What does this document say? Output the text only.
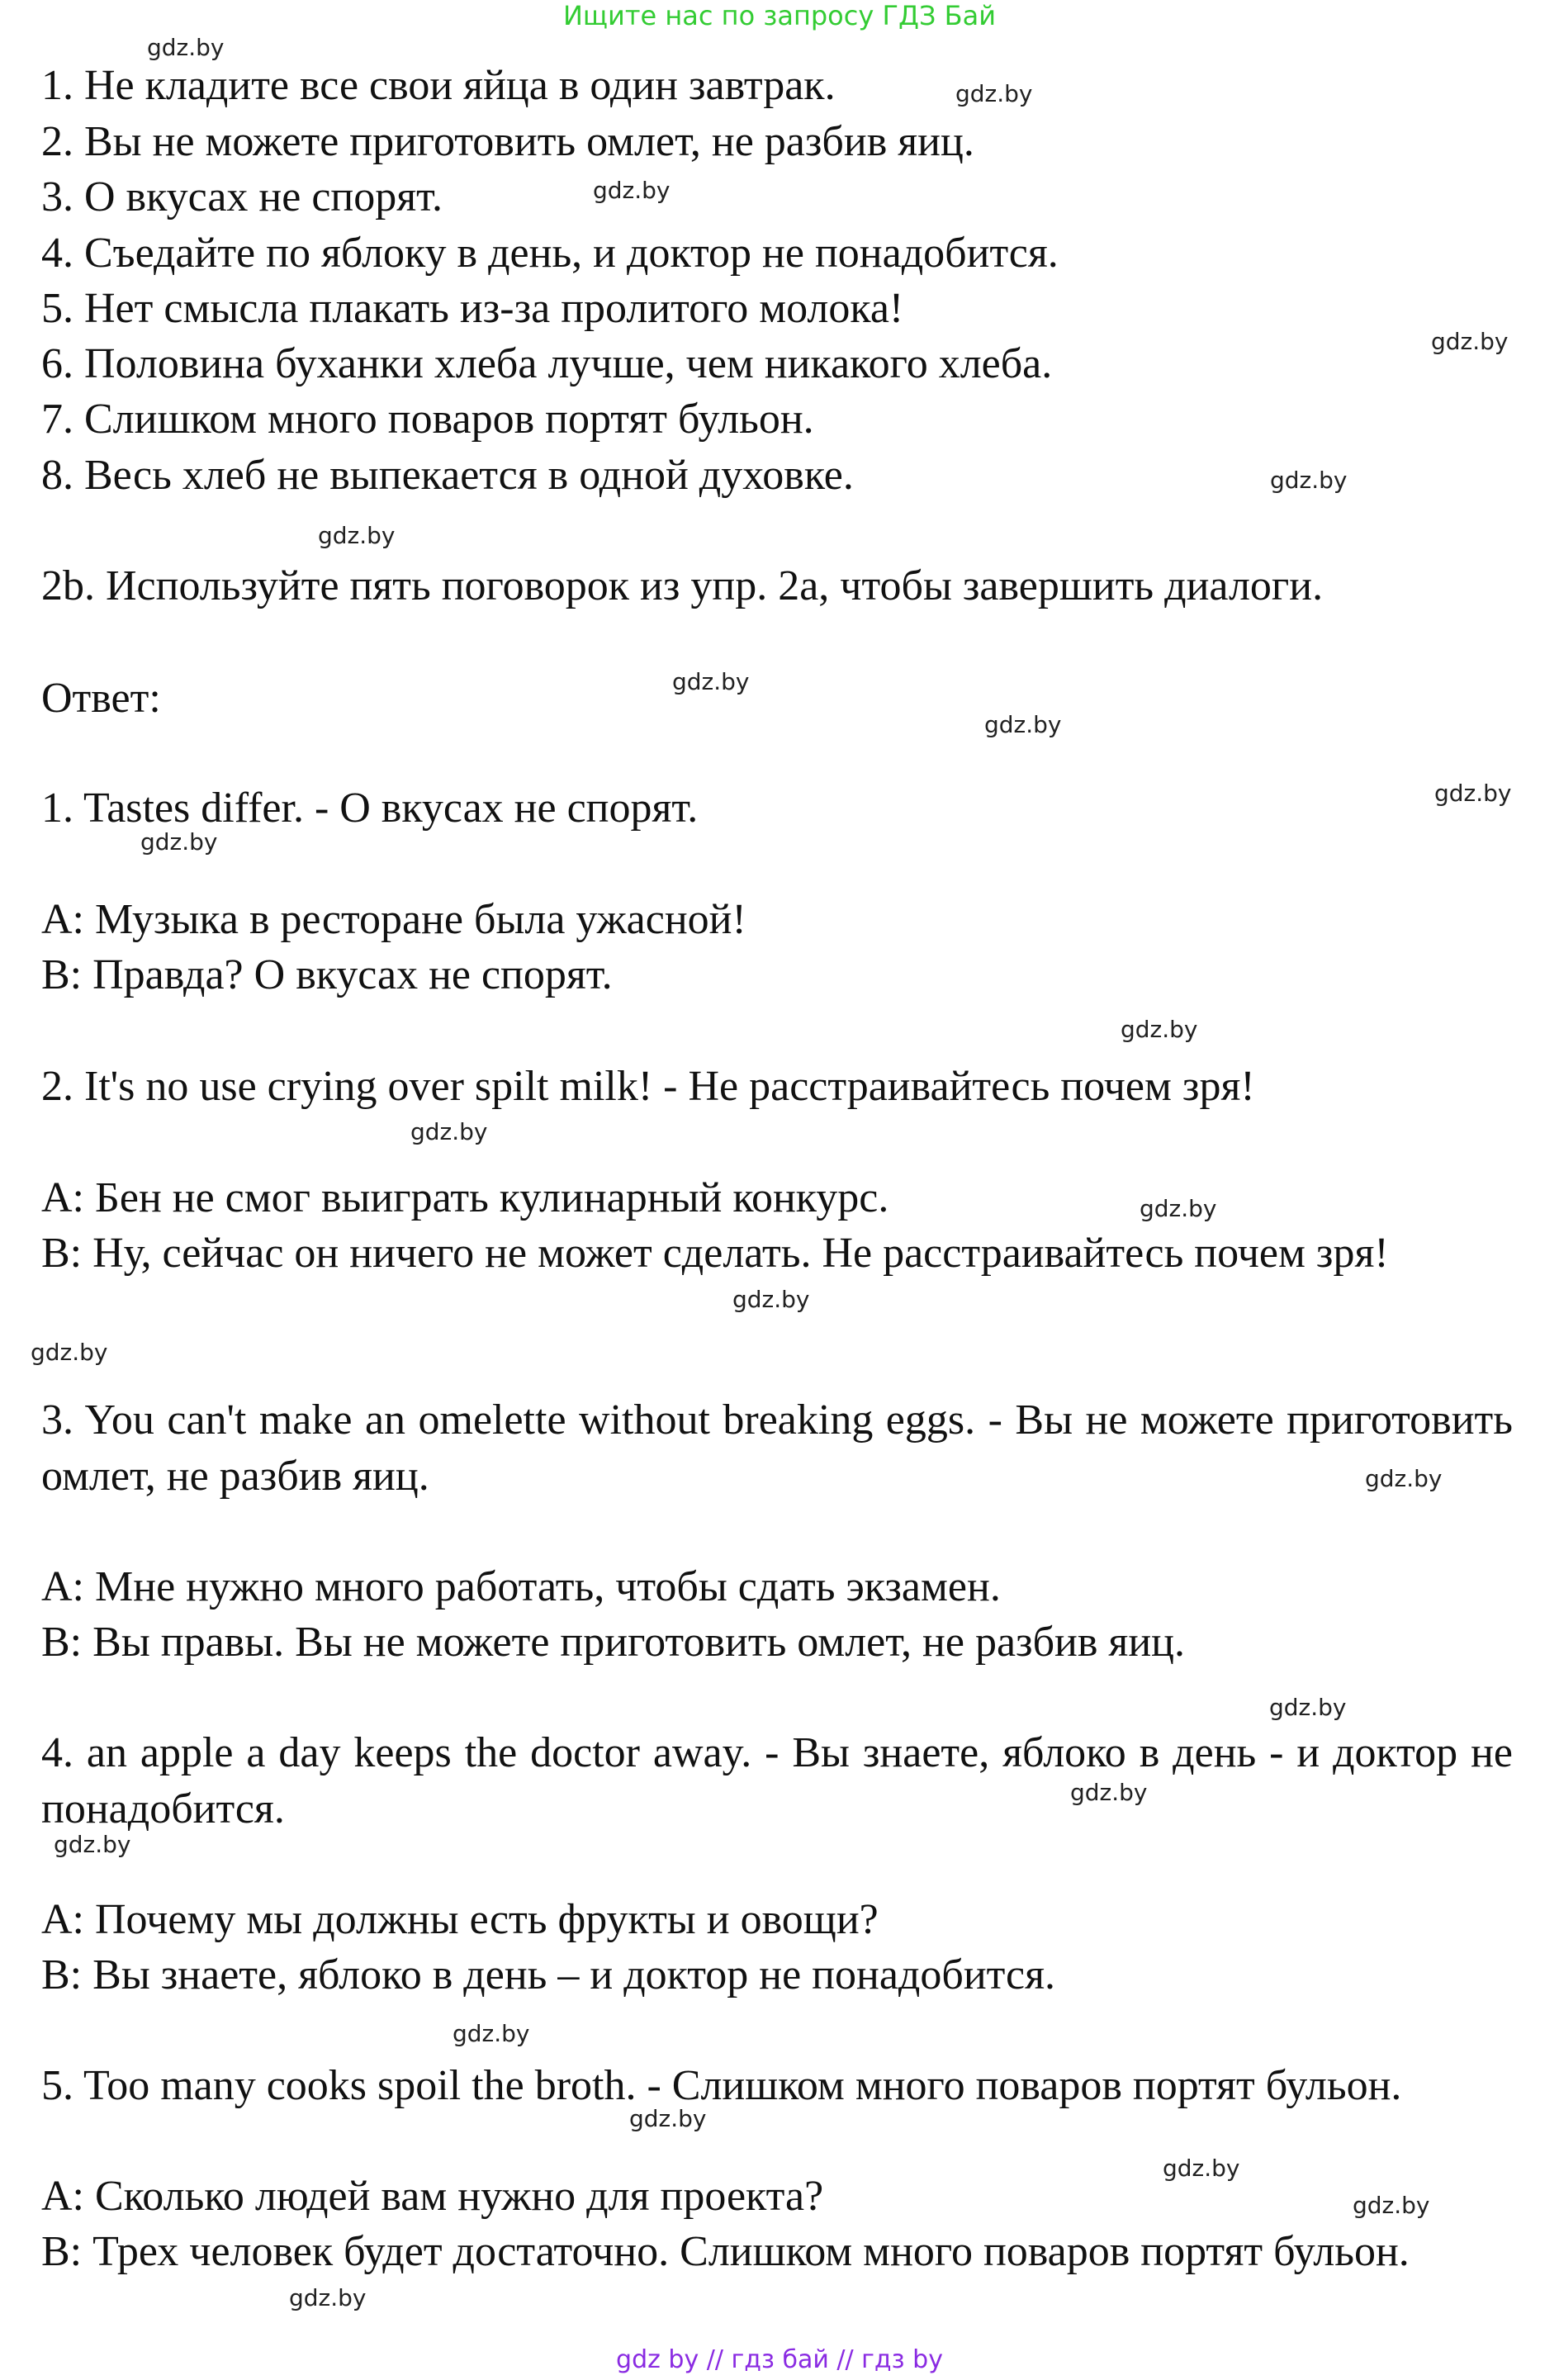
Ищите нас по запросу ГДЗ Бай
1. Не кладите все свои яйца в один завтрак.
2. Вы не можете приготовить омлет, не разбив яиц.
3. О вкусах не спорят.
4. Съедайте по яблоку в день, и доктор не понадобится.
5. Нет смысла плакать из-за пролитого молока!
6. Половина буханки хлеба лучше, чем никакого хлеба.
7. Слишком много поваров портят бульон.
8. Весь хлеб не выпекается в одной духовке.
2b. Используйте пять поговорок из упр. 2а, чтобы завершить диалоги.
Ответ:
1. Tastes differ. - О вкусах не спорят.
А: Музыка в ресторане была ужасной!
В: Правда? О вкусах не спорят.
2. It's no use crying over spilt milk! - Не расстраивайтесь почем зря!
А: Бен не смог выиграть кулинарный конкурс.
В: Ну, сейчас он ничего не может сделать. Не расстраивайтесь почем зря!
3. You can't make an omelette without breaking eggs. - Вы не можете приготовить омлет, не разбив яиц.
А: Мне нужно много работать, чтобы сдать экзамен.
В: Вы правы. Вы не можете приготовить омлет, не разбив яиц.
4. an apple a day keeps the doctor away. - Вы знаете, яблоко в день - и доктор не понадобится.
А: Почему мы должны есть фрукты и овощи?
В: Вы знаете, яблоко в день – и доктор не понадобится.
5. Too many cooks spoil the broth. - Слишком много поваров портят бульон.
А: Сколько людей вам нужно для проекта?
В: Трех человек будет достаточно. Слишком много поваров портят бульон.
gdz.by
gdz.by
gdz.by
gdz.by
gdz.by
gdz.by
gdz.by
gdz.by
gdz.by
gdz.by
gdz.by
gdz.by
gdz.by
gdz.by
gdz.by
gdz.by
gdz.by
gdz.by
gdz.by
gdz.by
gdz.by
gdz.by
gdz.by
gdz.by
gdz by // гдз бай // гдз by
